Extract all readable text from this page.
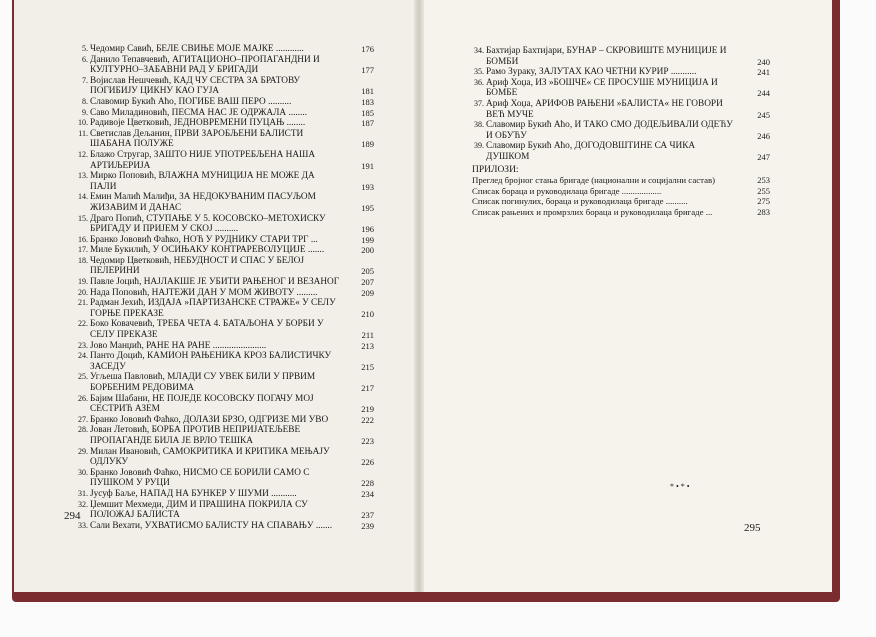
5. Чедомир Савић, БЕЛЕ СВИЊЕ МОЈЕ МАЈКЕ ............	176
6. Данило Тепавчевић, АГИТАЦИОНО–ПРОПАГАНДНИ И КУЛТУРНО–ЗАБАВНИ РАД У БРИГАДИ	177
7. Војислав Нешчевић, КАД ЧУ СЕСТРА ЗА БРАТОВУ ПОГИБИЈУ ЦИКНУ КАО ГУЈА	181
8. Славомир Букић Аћо, ПОГИБЕ ВАШ ПЕРО ..........	183
9. Саво Миладиновић, ПЕСМА НАС ЈЕ ОДРЖАЛА ........	185
10. Радивоје Цветковић, ЈЕДНОВРЕМЕНИ ПУЦАЊ ........	187
11. Светислав Дељанин, ПРВИ ЗАРОБЉЕНИ БАЛИСТИ ШАБАНА ПОЛУЖЕ	189
12. Блажо Стругар, ЗАШТО НИЈЕ УПОТРЕБЉЕНА НАША АРТИЉЕРИЈА	191
13. Мирко Поповић, ВЛАЖНА МУНИЦИЈА НЕ МОЖЕ ДА ПАЛИ	193
14. Емин Малић Малиђи, ЗА НЕДОКУВАНИМ ПАСУЉОМ ЖИЗАВИМ И ДАНАС	195
15. Драго Попић, СТУПАЊЕ У 5. КОСОВСКО–МЕТОХИСКУ БРИГАДУ И ПРИЈЕМ У СКОЈ ..........	196
16. Бранко Јововић Фаћко, НОЋ У РУДНИКУ СТАРИ ТРГ ...	199
17. Миле Букилић, У ОСИЊАКУ КОНТРАРЕВОЛУЦИЈЕ .......	200
18. Чедомир Цветковић, НЕБУДНОСТ И СПАС У БЕЛОЈ ПЕЛЕРИНИ	205
19. Павле Јоцић, НАЈЛАКШЕ ЈЕ УБИТИ РАЊЕНОГ И ВЕЗАНОГ	207
20. Нада Поповић, НАЈТЕЖИ ДАН У МОМ ЖИВОТУ .........	209
21. Радман Јехић, ИЗДАЈА »ПАРТИЗАНСКЕ СТРАЖЕ« У СЕЛУ ГОРЊЕ ПРЕКАЗЕ	210
22. Боко Ковачевић, ТРЕБА ЧЕТА 4. БАТАЉОНА У БОРБИ У СЕЛУ ПРЕКАЗЕ	211
23. Јово Манџић, РАНЕ НА РАНЕ .......................	213
24. Панто Доцић, КАМИОН РАЊЕНИКА КРОЗ БАЛИСТИЧКУ ЗАСЕДУ	215
25. Угљеша Павловић, МЛАДИ СУ УВЕК БИЛИ У ПРВИМ БОРБЕНИМ РЕДОВИМА	217
26. Бајим Шабани, НЕ ПОЈЕДЕ КОСОВСКУ ПОГАЧУ МОЈ СЕСТРИЋ АЗЕМ	219
27. Бранко Јововић Фаћко, ДОЛАЗИ БРЗО, ОДГРИЗЕ МИ УВО	222
28. Јован Летовић, БОРБА ПРОТИВ НЕПРИЈАТЕЉЕВЕ ПРОПАГАНДЕ БИЛА ЈЕ ВРЛО ТЕШКА	223
29. Милан Ивановић, САМОКРИТИКА И КРИТИКА МЕЊАЈУ ОДЛУКУ	226
30. Бранко Јововић Фаћко, НИСМО СЕ БОРИЛИ САМО С ПУШКОМ У РУЦИ	228
31. Јусуф Баље, НАПАД НА БУНКЕР У ШУМИ ...........	234
32. Џемшит Мехмеди, ДИМ И ПРАШИНА ПОКРИЛА СУ ПОЛОЖАЈ БАЛИСТА	237
33. Сали Вехати, УХВАТИСМО БАЛИСТУ НА СПАВАЊУ .......	239
34. Бахтијар Бахтијари, БУНАР – СКРОВИШТЕ МУНИЦИЈЕ И БОМБИ	240
35. Рамо Зураку, ЗАЛУТАХ КАО ЧЕТНИ КУРИР ...........	241
36. Ариф Хоџа, ИЗ »БОШЧЕ« СЕ ПРОСУШЕ МУНИЦИЈА И БОМБЕ	244
37. Ариф Хоџа, АРИФОВ РАЊЕНИ »БАЛИСТА« НЕ ГОВОРИ ВЕЋ МУЧЕ	245
38. Славомир Букић Аћо, И ТАКО СМО ДОДЕЉИВАЛИ ОДЕЋУ И ОБУЋУ	246
39. Славомир Букић Аћо, ДОГОДОВШТИНЕ СА ЧИКА ДУШКОМ	247
ПРИЛОЗИ:
Преглед бројног стања бригаде (национални и социјални састав)	253
Списак бораца и руководилаца бригаде ..................	255
Списак погинулих, бораца и руководилаца бригаде ..........	275
Списак рањених и промрзлих бораца и руководилаца бригаде ...	283
294
295
*•*•
